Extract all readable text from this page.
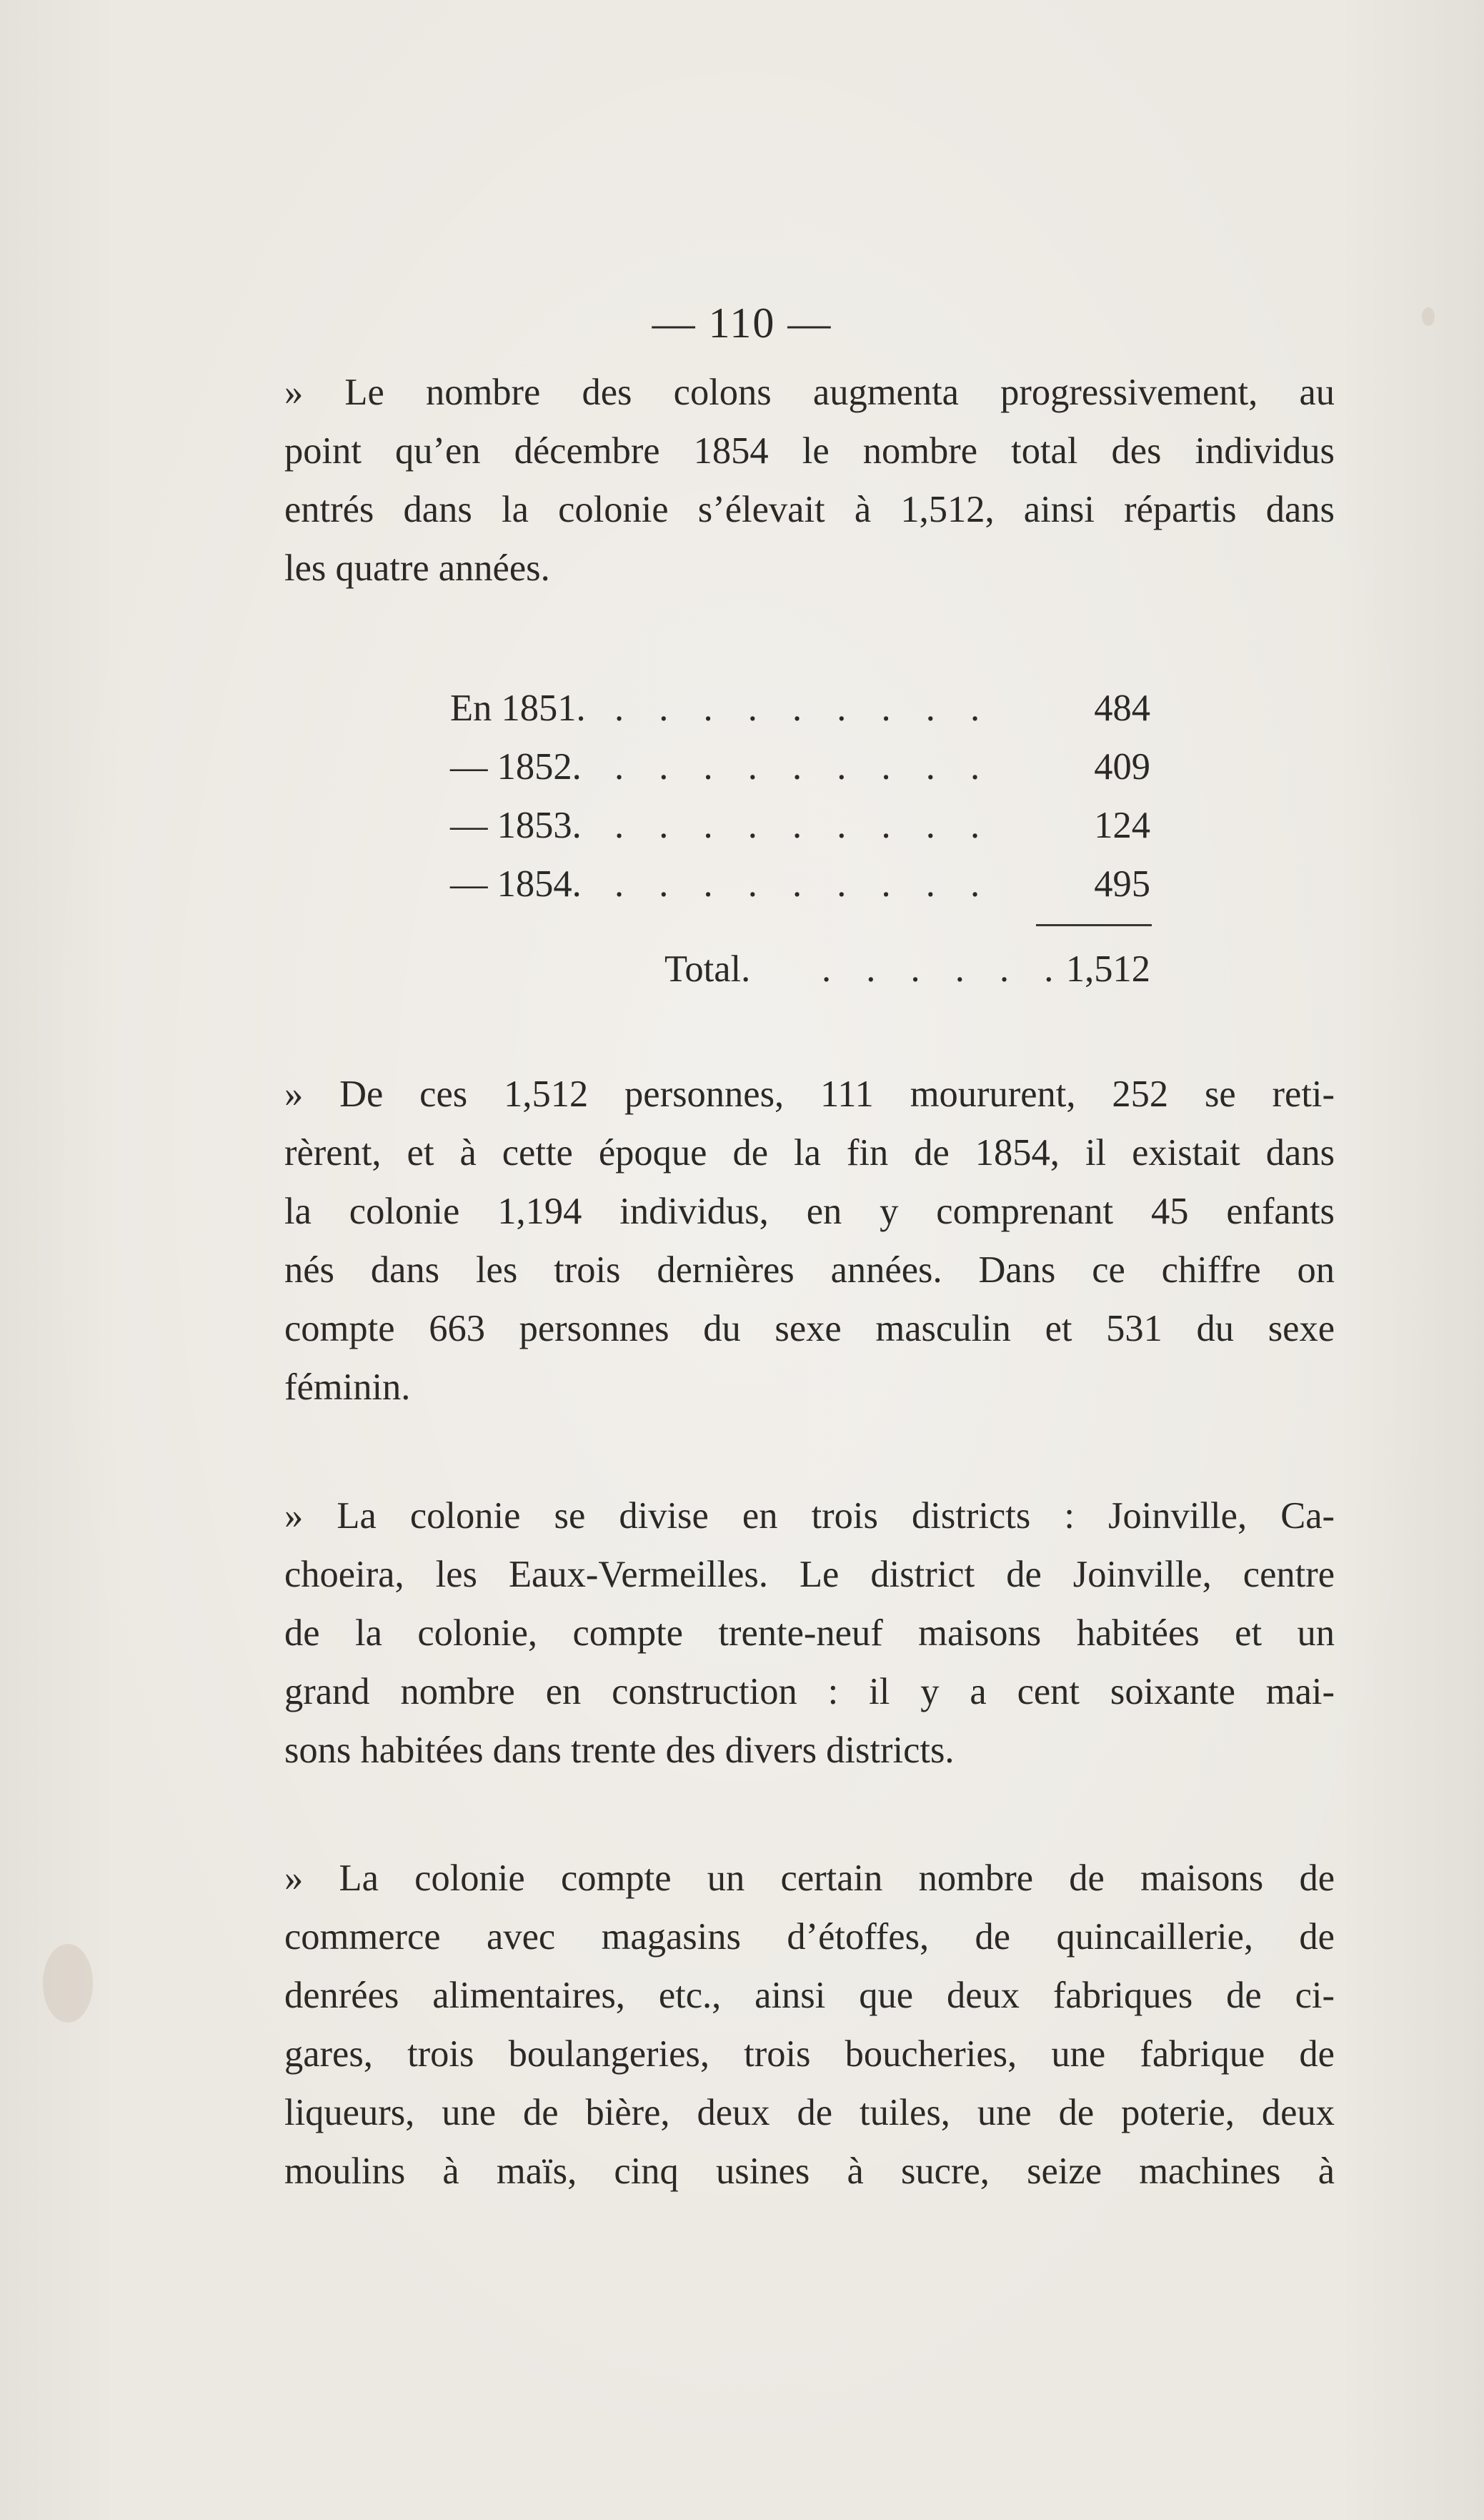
— 110 —

» Le nombre des colons augmenta progressivement, au
point qu’en décembre 1854 le nombre total des individus
entrés dans la colonie s’élevait à 1,512, ainsi répartis dans
les quatre années.

En 1851. . . . . . . . . .	484
— 1852. . . . . . . . . .	409
— 1853. . . . . . . . . .	124
— 1854. . . . . . . . . .	495
Total. . . . . . . 1,512

» De ces 1,512 personnes, 111 moururent, 252 se reti-
rèrent, et à cette époque de la fin de 1854, il existait dans
la colonie 1,194 individus, en y comprenant 45 enfants
nés dans les trois dernières années. Dans ce chiffre on
compte 663 personnes du sexe masculin et 531 du sexe
féminin.

» La colonie se divise en trois districts : Joinville, Ca-
choeira, les Eaux-Vermeilles. Le district de Joinville, centre
de la colonie, compte trente-neuf maisons habitées et un
grand nombre en construction : il y a cent soixante mai-
sons habitées dans trente des divers districts.

» La colonie compte un certain nombre de maisons de
commerce avec magasins d’étoffes, de quincaillerie, de
denrées alimentaires, etc., ainsi que deux fabriques de ci-
gares, trois boulangeries, trois boucheries, une fabrique de
liqueurs, une de bière, deux de tuiles, une de poterie, deux
moulins à maïs, cinq usines à sucre, seize machines à
